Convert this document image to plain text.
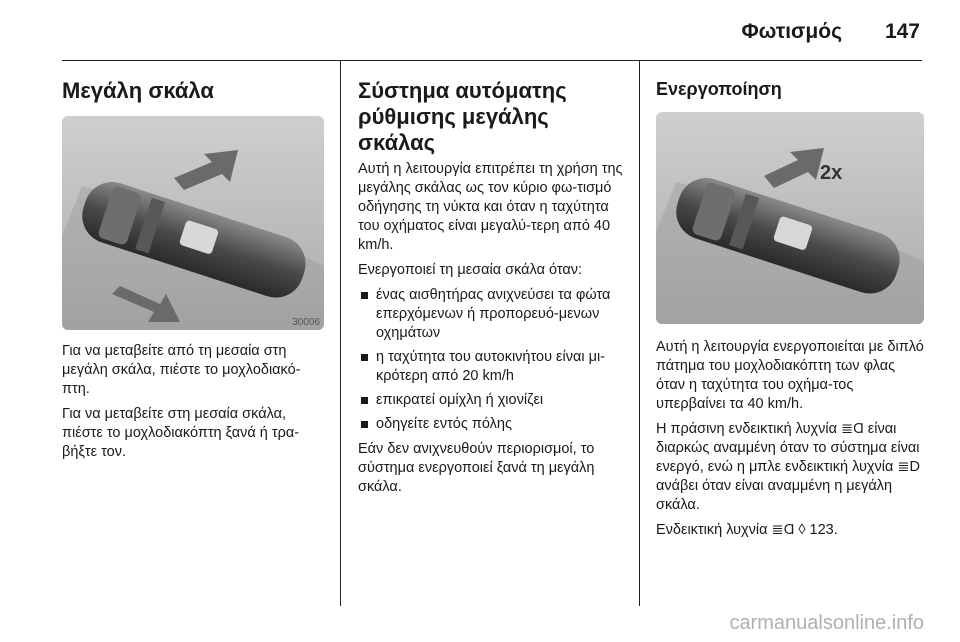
Φωτισμός 147
Μεγάλη σκάλα
30006

Για να μεταβείτε από τη μεσαία στη μεγάλη σκάλα, πιέστε το μοχλοδιακό-πτη.

Για να μεταβείτε στη μεσαία σκάλα, πιέστε το μοχλοδιακόπτη ξανά ή τρα-βήξτε τον.

Σύστημα αυτόματης ρύθμισης μεγάλης σκάλας

Αυτή η λειτουργία επιτρέπει τη χρήση της μεγάλης σκάλας ως τον κύριο φω-τισμό οδήγησης τη νύκτα και όταν η ταχύτητα του οχήματος είναι μεγαλύ-τερη από 40 km/h.

Ενεργοποιεί τη μεσαία σκάλα όταν:

ένας αισθητήρας ανιχνεύσει τα φώτα επερχόμενων ή προπορευό-μενων οχημάτων
η ταχύτητα του αυτοκινήτου είναι μι-κρότερη από 20 km/h
επικρατεί ομίχλη ή χιονίζει
οδηγείτε εντός πόλης

Εάν δεν ανιχνευθούν περιορισμοί, το σύστημα ενεργοποιεί ξανά τη μεγάλη σκάλα.

Ενεργοποίηση
2x

Αυτή η λειτουργία ενεργοποιείται με διπλό πάτημα του μοχλοδιακόπτη των φλας όταν η ταχύτητα του οχήμα-τος υπερβαίνει τα 40 km/h.

Η πράσινη ενδεικτική λυχνία ≣Ɑ είναι διαρκώς αναμμένη όταν το σύστημα είναι ενεργό, ενώ η μπλε ενδεικτική λυχνία ≣D ανάβει όταν είναι αναμμένη η μεγάλη σκάλα.

Ενδεικτική λυχνία ≣Ɑ ◊ 123.

carmanualsonline.info
